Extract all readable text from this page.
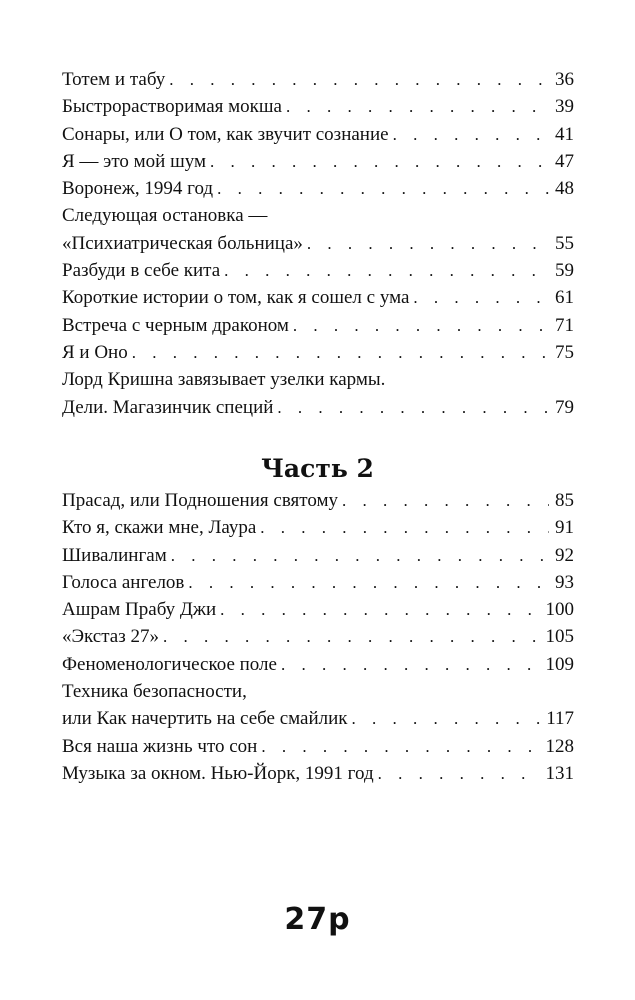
Тотем и табу . . .	36
Быстрорастворимая мокша . . .	39
Сонары, или О том, как звучит сознание . . .	41
Я — это мой шум . . .	47
Воронеж, 1994 год . . .	48
Следующая остановка —
«Психиатрическая больница» . . .	55
Разбуди в себе кита . . .	59
Короткие истории о том, как я сошел с ума . . .	61
Встреча с черным драконом . . .	71
Я и Оно . . .	75
Лорд Кришна завязывает узелки кармы.
Дели. Магазинчик специй . . .	79
Часть 2
Прасад, или Подношения святому . . .	85
Кто я, скажи мне, Лаура . . .	91
Шивалингам . . .	92
Голоса ангелов . . .	93
Ашрам Прабу Джи . . .	100
«Экстаз 27» . . .	105
Феноменологическое поле . . .	109
Техника безопасности,
или Как начертить на себе смайлик . . .	117
Вся наша жизнь что сон . . .	128
Музыка за окном. Нью-Йорк, 1991 год . . .	131
27р
